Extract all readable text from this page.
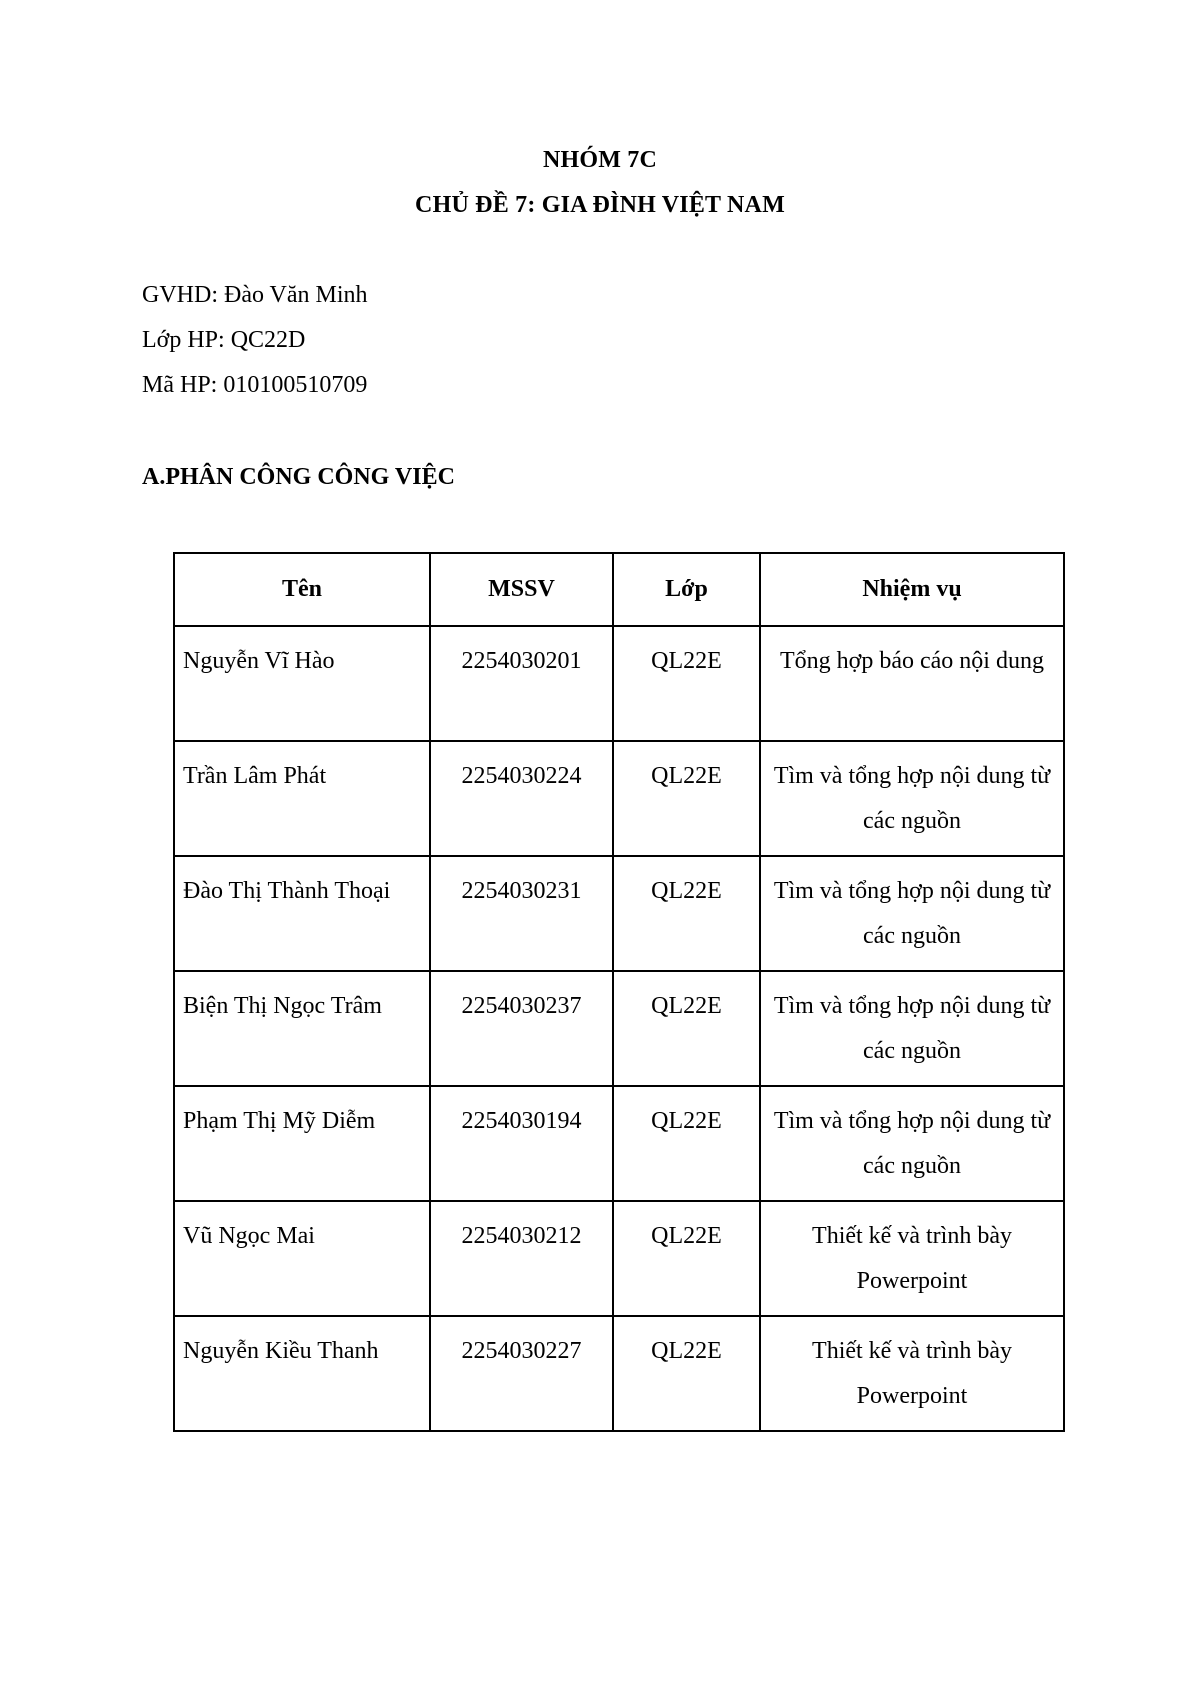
NHÓM 7C
CHỦ ĐỀ 7: GIA ĐÌNH VIỆT NAM
GVHD: Đào Văn Minh
Lớp HP: QC22D
Mã HP: 010100510709
A.PHÂN CÔNG CÔNG VIỆC
Tên	MSSV	Lớp	Nhiệm vụ
Nguyễn Vĩ Hào	2254030201	QL22E	Tổng hợp báo cáo nội dung
Trần Lâm Phát	2254030224	QL22E	Tìm và tổng hợp nội dung từ các nguồn
Đào Thị Thành Thoại	2254030231	QL22E	Tìm và tổng hợp nội dung từ các nguồn
Biện Thị Ngọc Trâm	2254030237	QL22E	Tìm và tổng hợp nội dung từ các nguồn
Phạm Thị Mỹ Diễm	2254030194	QL22E	Tìm và tổng hợp nội dung từ các nguồn
Vũ Ngọc Mai	2254030212	QL22E	Thiết kế và trình bày Powerpoint
Nguyễn Kiều Thanh	2254030227	QL22E	Thiết kế và trình bày Powerpoint
